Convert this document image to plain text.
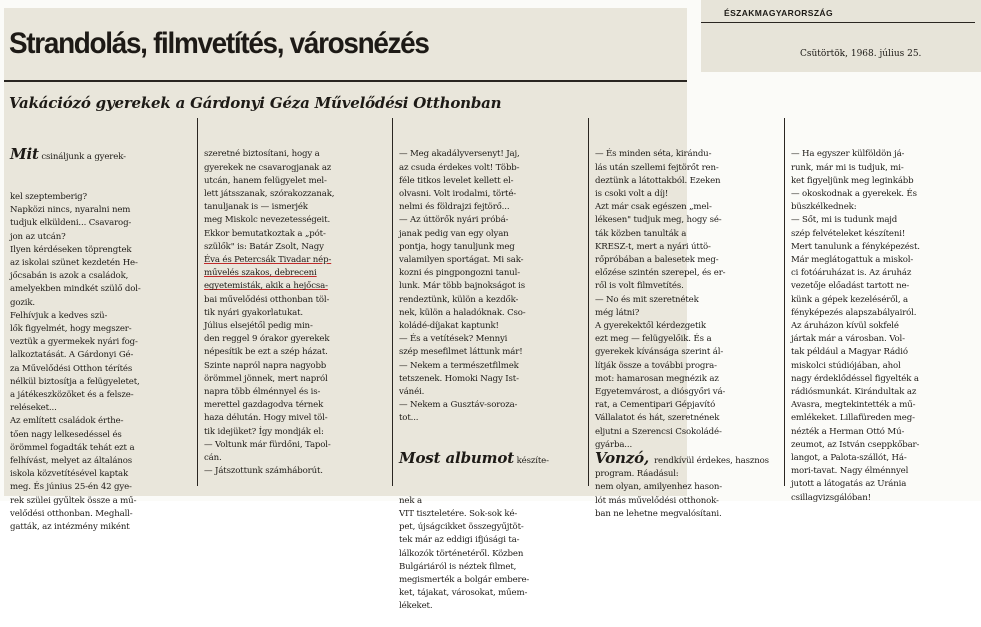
ÉSZAKMAGYARORSZÁG
Csütörtök, 1968. július 25.
Strandolás, filmvetítés, városnézés
Vakációzó gyerekek a Gárdonyi Géza Művelődési Otthonban

Mit csináljunk a gyerek-

kel szeptemberig?
Napközi nincs, nyaralni nem
tudjuk elküldeni... Csavarog-
jon az utcán?
Ilyen kérdéseken töprengtek
az iskolai szünet kezdetén He-
jőcsabán is azok a családok,
amelyekben mindkét szülő dol-
gozik.
Felhívjuk a kedves szü-
lők figyelmét, hogy megszer-
veztük a gyermekek nyári fog-
lalkoztatását. A Gárdonyi Gé-
za Művelődési Otthon térítés
nélkül biztosítja a felügyeletet,
a játékeszközöket és a felsze-
reléseket...
Az említett családok érthe-
tően nagy lelkesedéssel és
örömmel fogadták tehát ezt a
felhívást, melyet az általános
iskola közvetítésével kaptak
meg. És június 25-én 42 gye-
rek szülei gyűltek össze a mű-
velődési otthonban. Meghall-
gatták, az intézmény miként

szeretné biztosítani, hogy a
gyerekek ne csavarogjanak az
utcán, hanem felügyelet mel-
lett játsszanak, szórakozzanak,
tanuljanak is — ismerjék
meg Miskolc nevezetességeit.
Ekkor bemutatkoztak a „pót-
szülők" is: Batár Zsolt, Nagy
Éva és Petercsák Tivadar nép-
művelés szakos, debreceni
egyetemisták, akik a hejőcsa-
bai művelődési otthonban töl-
tik nyári gyakorlatukat.
Július elsejétől pedig min-
den reggel 9 órakor gyerekek
népesítik be ezt a szép házat.
Szinte napról napra nagyobb
örömmel jönnek, mert napról
napra több élménnyel és is-
merettel gazdagodva térnek
haza délután. Hogy mivel töl-
tik idejüket? Így mondják el:
— Voltunk már fürdőni, Tapol-
cán.
— Játszottunk számháborút.

— Meg akadályversenyt! Jaj,
az csuda érdekes volt! Több-
féle titkos levelet kellett el-
olvasni. Volt irodalmi, törté-
nelmi és földrajzi fejtörő...
— Az úttörők nyári próbá-
janak pedig van egy olyan
pontja, hogy tanuljunk meg
valamilyen sportágat. Mi sak-
kozni és pingpongozni tanul-
lunk. Már több bajnokságot is
rendeztünk, külön a kezdők-
nek, külön a haladóknak. Cso-
koládé-díjakat kaptunk!
— És a vetítések? Mennyi
szép mesefilmet láttunk már!
— Nekem a természetfilmek
tetszenek. Homoki Nagy Ist-
vánéi.
— Nekem a Gusztáv-soroza-
tot...

Most albumot készíte-

nek a
VIT tiszteletére. Sok-sok ké-
pet, újságcikket összegyűjtöt-
tek már az eddigi ifjúsági ta-
lálkozók történetéről. Közben
Bulgáriáról is néztek filmet,
megismerték a bolgár embere-
ket, tájakat, városokat, műem-
lékeket.

— És minden séta, kirándu-
lás után szellemi fejtörőt ren-
deztünk a látottakból. Ezeken
is csoki volt a díj!
Azt már csak egészen „mel-
lékesen" tudjuk meg, hogy sé-
ták közben tanulták a
KRESZ-t, mert a nyári úttö-
rőpróbában a balesetek meg-
előzése szintén szerepel, és er-
ről is volt filmvetítés.
— No és mit szeretnétek
még látni?
A gyerekektől kérdezgetik
ezt meg — felügyelőik. És a
gyerekek kívánsága szerint ál-
lítják össze a további progra-
mot: hamarosan megnézik az
Egyetemvárost, a diósgyőri vá-
rat, a Cementipari Gépjavító
Vállalatot és hát, szeretnének
eljutni a Szerencsi Csokoládé-
gyárba...
Vonzó, rendkívül érdekes, hasznos
program. Ráadásul:
nem olyan, amilyenhez hason-
lót más művelődési otthonok-
ban ne lehetne megvalósítani.

— Ha egyszer külföldön já-
runk, már mi is tudjuk, mi-
ket figyeljünk meg leginkább
— okoskodnak a gyerekek. És
büszkélkednek:
— Sőt, mi is tudunk majd
szép felvételeket készíteni!
Mert tanulunk a fényképezést.
Már meglátogattuk a miskol-
ci fotóáruházat is. Az áruház
vezetője előadást tartott ne-
künk a gépek kezeléséről, a
fényképezés alapszabályairól.
Az áruházon kívül sokfelé
jártak már a városban. Vol-
tak például a Magyar Rádió
miskolci stúdiójában, ahol
nagy érdeklődéssel figyelték a
rádiósmunkát. Kirándultak az
Avasra, megtekintették a mű-
emlékeket. Lillafüreden meg-
nézték a Herman Ottó Mú-
zeumot, az István cseppkőbar-
langot, a Palota-szállót, Há-
mori-tavat. Nagy élménnyel
jutott a látogatás az Uránia
csillagvizsgálóban!
